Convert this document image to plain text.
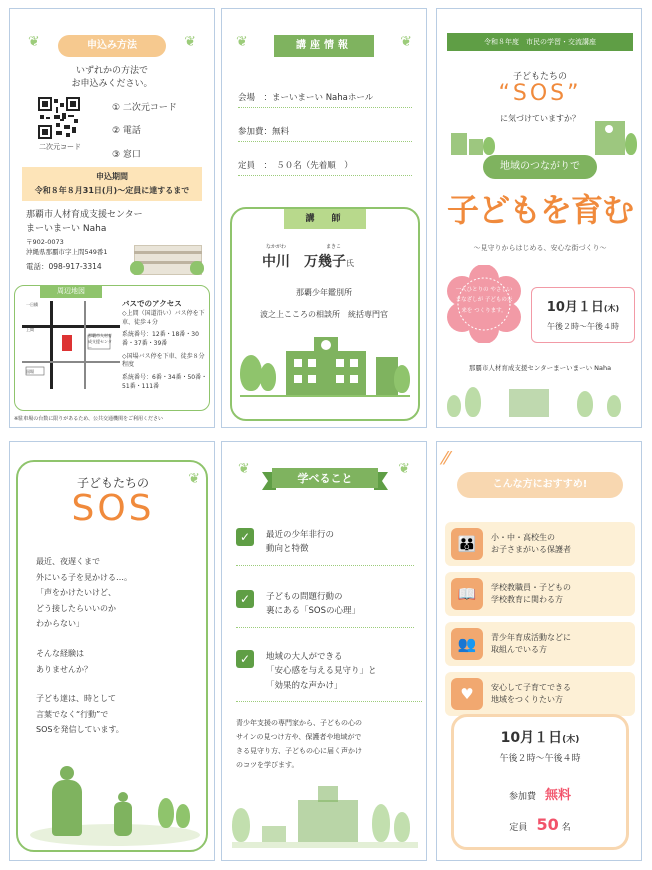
❦	❦
申込み方法
いずれかの方法で
お申込みください。
二次元コード
① 二次元コード
② 電話
③ 窓口
申込期間
令和８年８月31日(月)〜定員に達するまで
那覇市人材育成支援センター
まーいまーい Naha
〒902-0073
沖縄県那覇市字上間549番1
電話：098-917-3314
周辺地図
那覇市人材育成支援センター
一日橋
上間
国場
バスでのアクセス
◇上間（国道沿い）バス停を下車、徒歩４分
系統番号：12番・18番・30番・37番・39番
◇国場バス停を下車、徒歩８分程度
系統番号：6番・34番・50番・51番・111番
※駐車場の台数に限りがあるため、公共交通機関をご利用ください
❦	❦
講座情報
会場　：まーいまーい Nahaホール
参加費：無料
定員　：　５０名（先着順　）
講　師
なかがわ	まきこ
中川　万幾子氏
那覇少年鑑別所
波之上こころの相談所　統括専門官
令和８年度　市民の学習・交流講座
子どもたちの
“SOS”
に気づけていますか？
地域のつながりで
子どもを育む
〜見守りからはじめる、安心な街づくり〜
一人ひとりの やさしいまなざしが 子どもの未来を つくります。	10月１日(木)
午後２時〜午後４時
那覇市人材育成支援センターまーいまーい Naha
❦
子どもたちの
SOS
最近、夜遅くまで
外にいる子を見かける…。
「声をかけたいけど、
どう接したらいいのか
わからない」
そんな経験は
ありませんか？
子ども達は、時として
言葉でなく“行動”で
SOSを発信しています。
❦	❦
学べること
✓	最近の少年非行の
動向と特徴
✓	子どもの問題行動の
裏にある「SOSの心理」
✓	地域の大人ができる
「安心感を与える見守り」と
「効果的な声かけ」
青少年支援の専門家から、子どもの心の
サインの見つけ方や、保護者や地域がで
きる見守り方、子どもの心に届く声かけ
のコツを学びます。
⁄⁄
こんな方におすすめ!
👪	小・中・高校生の
お子さまがいる保護者
📖	学校教職員・子どもの
学校教育に関わる方
👥	青少年育成活動などに
取組んでいる方
♥	安心して子育てできる
地域をつくりたい方
10月１日(木)
午後２時〜午後４時
参加費　 無料
定員　 50 名
